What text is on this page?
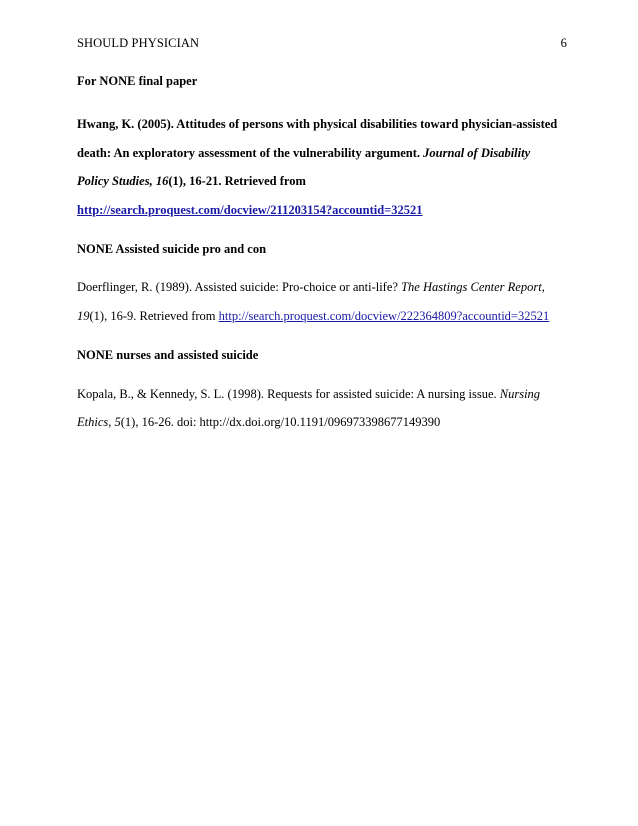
SHOULD PHYSICIAN	6
For NONE final paper
Hwang, K. (2005). Attitudes of persons with physical disabilities toward physician-assisted
death: An exploratory assessment of the vulnerability argument. Journal of Disability
Policy Studies, 16(1), 16-21. Retrieved from
http://search.proquest.com/docview/211203154?accountid=32521
NONE Assisted suicide pro and con
Doerflinger, R. (1989). Assisted suicide: Pro-choice or anti-life? The Hastings Center Report,
19(1), 16-9. Retrieved from http://search.proquest.com/docview/222364809?accountid=32521
NONE nurses and assisted suicide
Kopala, B., & Kennedy, S. L. (1998). Requests for assisted suicide: A nursing issue. Nursing
Ethics, 5(1), 16-26. doi: http://dx.doi.org/10.1191/096973398677149390
